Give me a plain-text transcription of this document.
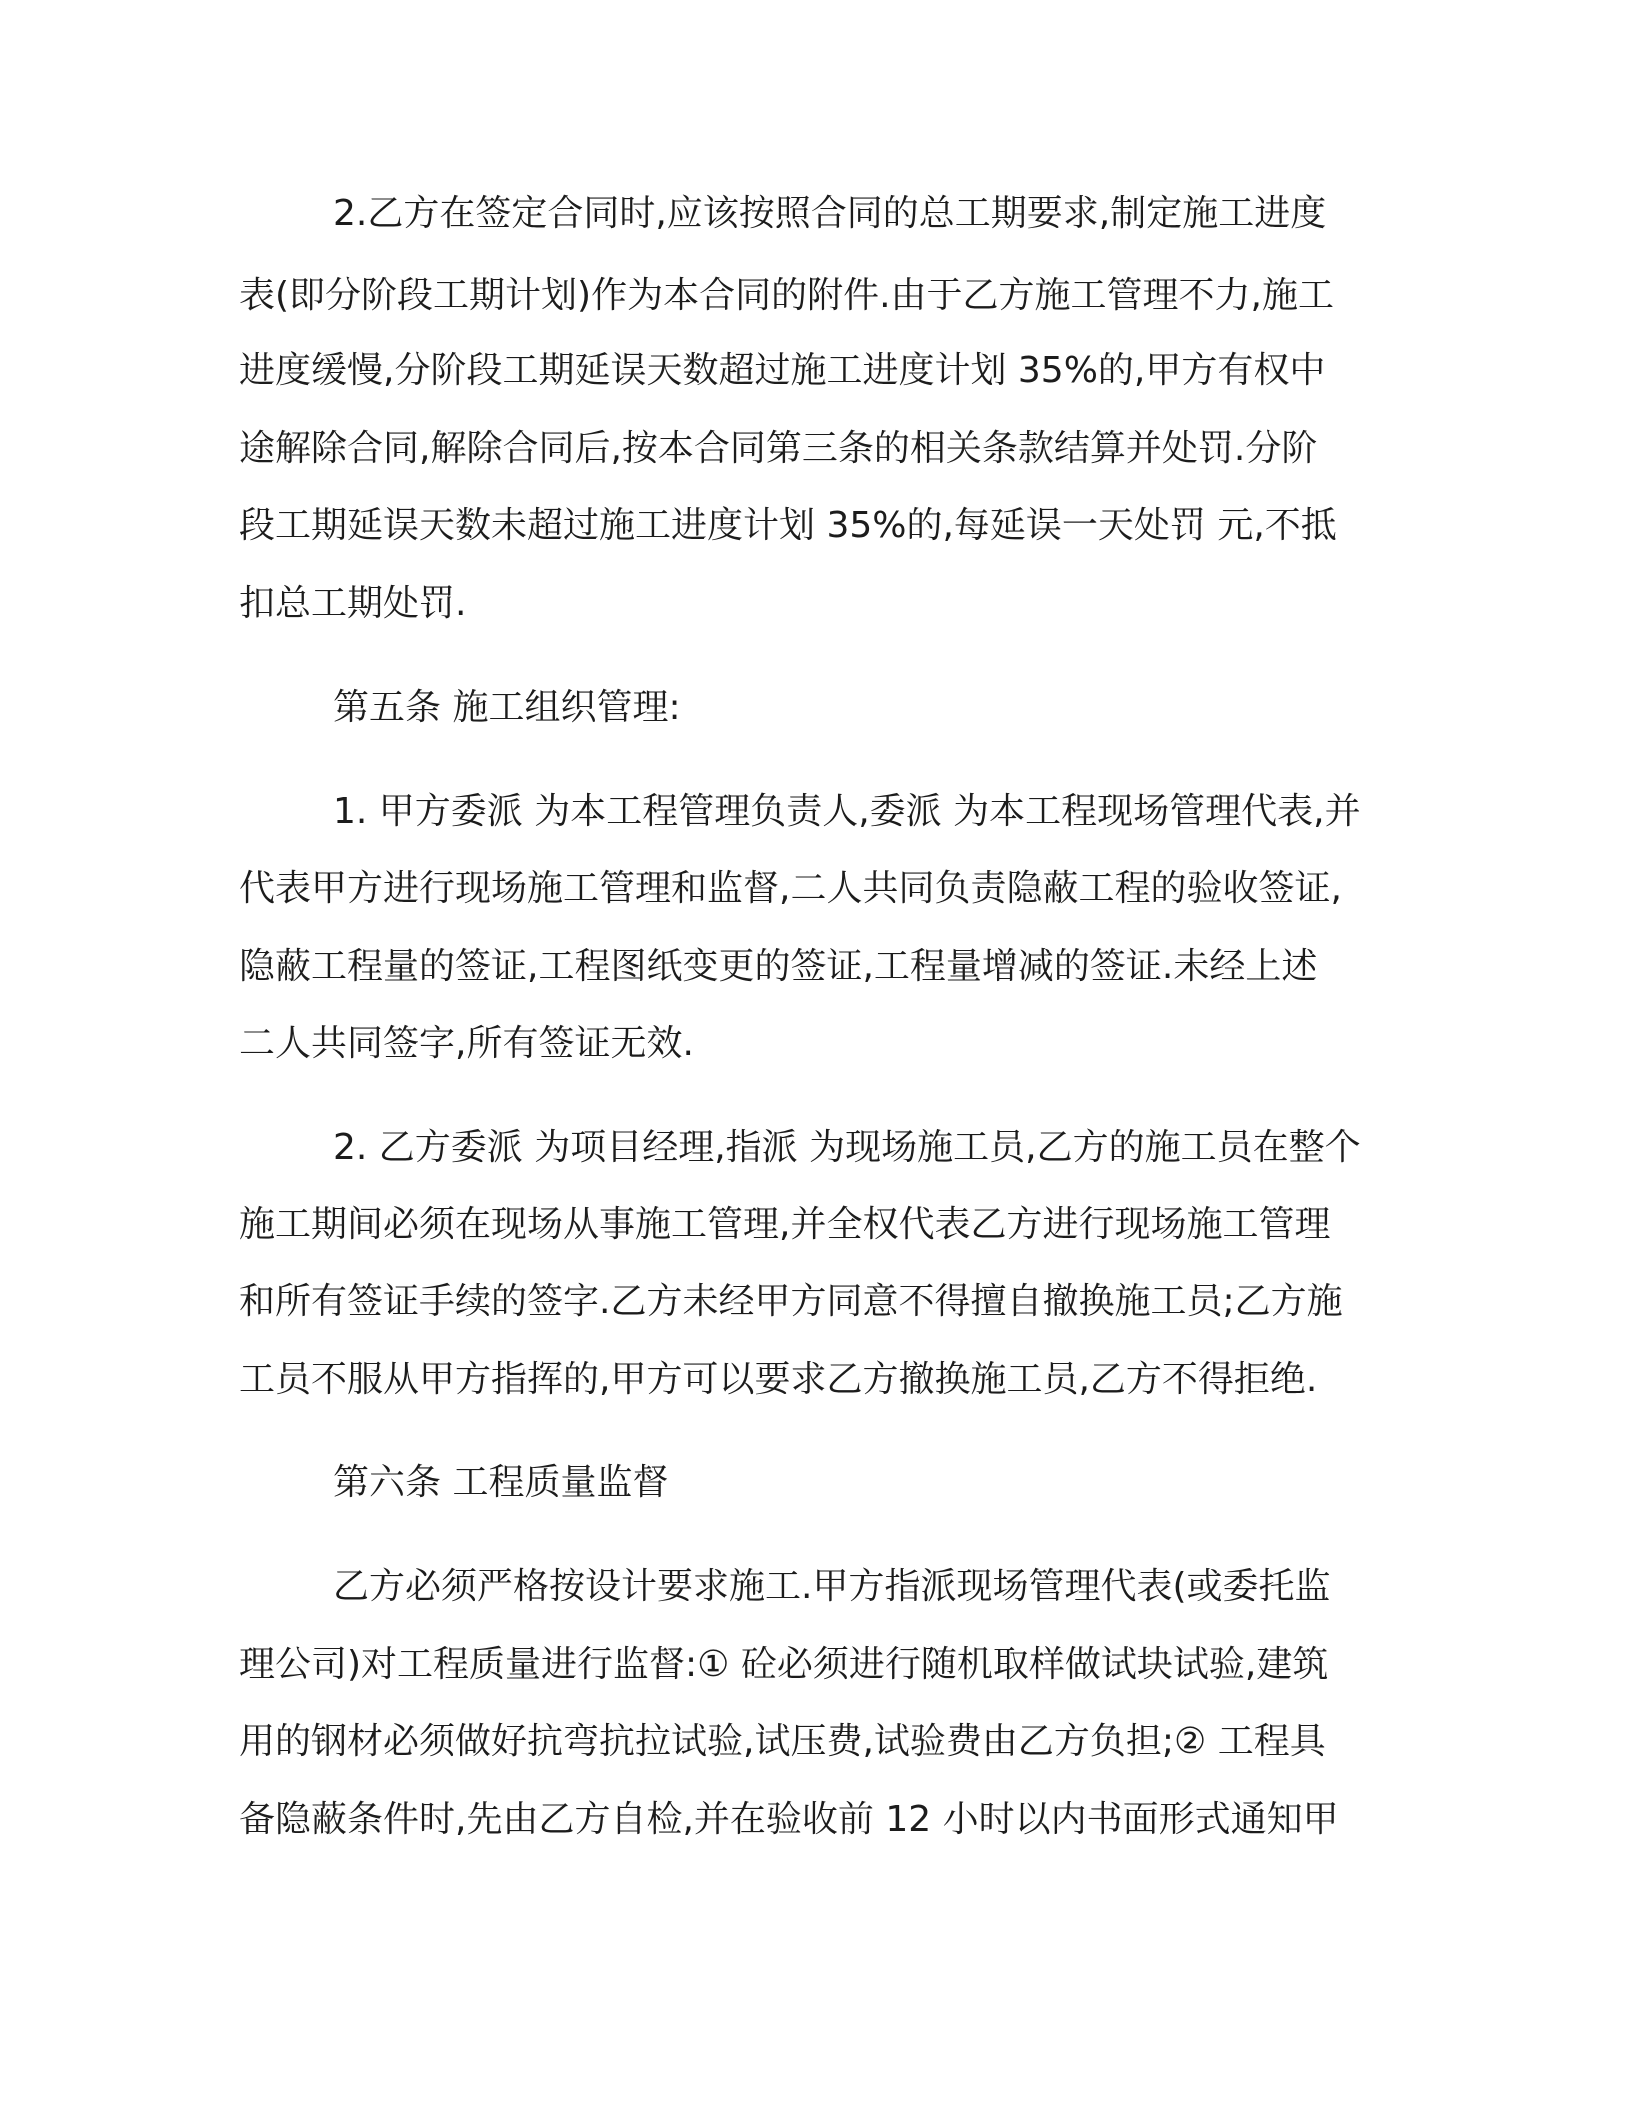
2.乙方在签定合同时,应该按照合同的总工期要求,制定施工进度
表(即分阶段工期计划)作为本合同的附件.由于乙方施工管理不力,施工
进度缓慢,分阶段工期延误天数超过施工进度计划 35%的,甲方有权中
途解除合同,解除合同后,按本合同第三条的相关条款结算并处罚.分阶
段工期延误天数未超过施工进度计划 35%的,每延误一天处罚 元,不抵
扣总工期处罚.
第五条 施工组织管理:
1. 甲方委派 为本工程管理负责人,委派 为本工程现场管理代表,并
代表甲方进行现场施工管理和监督,二人共同负责隐蔽工程的验收签证,
隐蔽工程量的签证,工程图纸变更的签证,工程量增减的签证.未经上述
二人共同签字,所有签证无效.
2. 乙方委派 为项目经理,指派 为现场施工员,乙方的施工员在整个
施工期间必须在现场从事施工管理,并全权代表乙方进行现场施工管理
和所有签证手续的签字.乙方未经甲方同意不得擅自撤换施工员;乙方施
工员不服从甲方指挥的,甲方可以要求乙方撤换施工员,乙方不得拒绝.
第六条 工程质量监督
乙方必须严格按设计要求施工.甲方指派现场管理代表(或委托监
理公司)对工程质量进行监督:① 砼必须进行随机取样做试块试验,建筑
用的钢材必须做好抗弯抗拉试验,试压费,试验费由乙方负担;② 工程具
备隐蔽条件时,先由乙方自检,并在验收前 12 小时以内书面形式通知甲
